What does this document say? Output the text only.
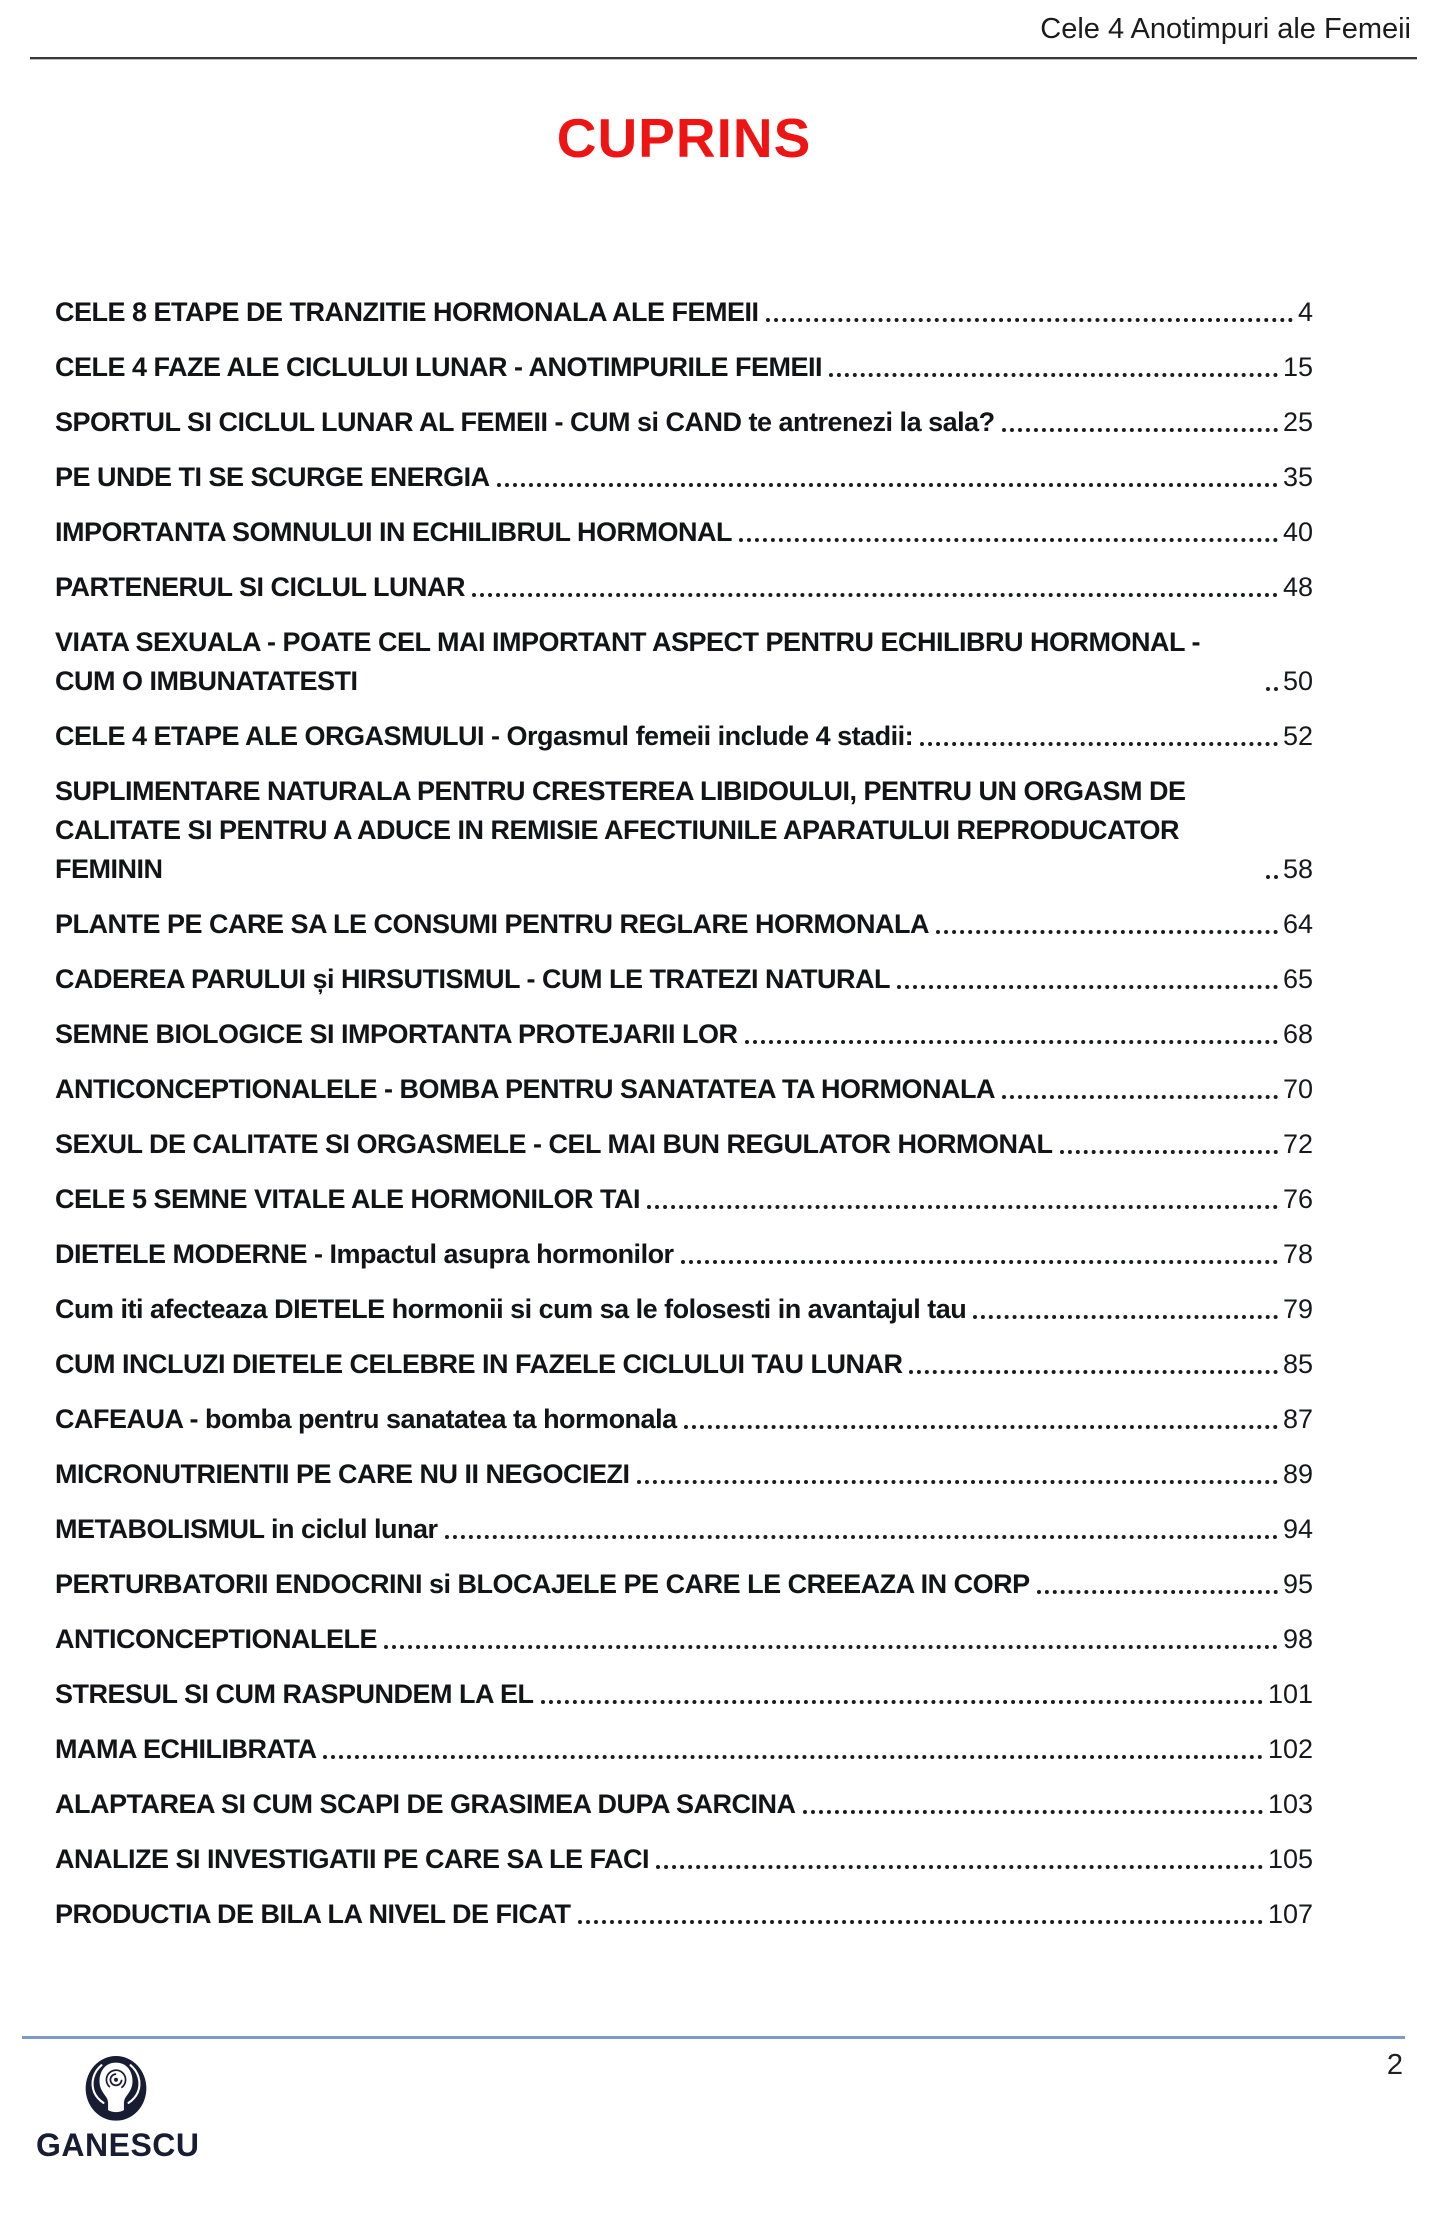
Cele 4 Anotimpuri ale Femeii
CUPRINS

CELE 8 ETAPE DE TRANZITIE HORMONALA ALE FEMEII	4

CELE 4 FAZE ALE CICLULUI LUNAR - ANOTIMPURILE FEMEII	15

SPORTUL SI CICLUL LUNAR AL FEMEII - CUM si CAND te antrenezi la sala?	25

PE UNDE TI SE SCURGE ENERGIA	35

IMPORTANTA SOMNULUI IN ECHILIBRUL HORMONAL	40

PARTENERUL SI CICLUL LUNAR	48

VIATA SEXUALA - POATE CEL MAI IMPORTANT ASPECT PENTRU ECHILIBRU HORMONAL - CUM O IMBUNATATESTI	50

CELE 4 ETAPE ALE ORGASMULUI - Orgasmul femeii include 4 stadii:	52

SUPLIMENTARE NATURALA PENTRU CRESTEREA LIBIDOULUI, PENTRU UN ORGASM DE CALITATE SI PENTRU A ADUCE IN REMISIE AFECTIUNILE APARATULUI REPRODUCATOR FEMININ	58

PLANTE PE CARE SA LE CONSUMI PENTRU REGLARE HORMONALA	64

CADEREA PARULUI și HIRSUTISMUL - CUM LE TRATEZI NATURAL	65

SEMNE BIOLOGICE SI IMPORTANTA PROTEJARII LOR	68

ANTICONCEPTIONALELE - BOMBA PENTRU SANATATEA TA HORMONALA	70

SEXUL DE CALITATE SI ORGASMELE - CEL MAI BUN REGULATOR HORMONAL	72

CELE 5 SEMNE VITALE ALE HORMONILOR TAI	76

DIETELE MODERNE - Impactul asupra hormonilor	78

Cum iti afecteaza DIETELE hormonii si cum sa le folosesti in avantajul tau	79

CUM INCLUZI DIETELE CELEBRE IN FAZELE CICLULUI TAU LUNAR	85

CAFEAUA - bomba pentru sanatatea ta hormonala	87

MICRONUTRIENTII PE CARE NU II NEGOCIEZI	89

METABOLISMUL in ciclul lunar	94

PERTURBATORII ENDOCRINI si BLOCAJELE PE CARE LE CREEAZA IN CORP	95

ANTICONCEPTIONALELE	98

STRESUL SI CUM RASPUNDEM LA EL	101

MAMA ECHILIBRATA	102

ALAPTAREA SI CUM SCAPI DE GRASIMEA DUPA SARCINA	103

ANALIZE SI INVESTIGATII PE CARE SA LE FACI	105

PRODUCTIA DE BILA LA NIVEL DE FICAT	107

GANESCU
2
